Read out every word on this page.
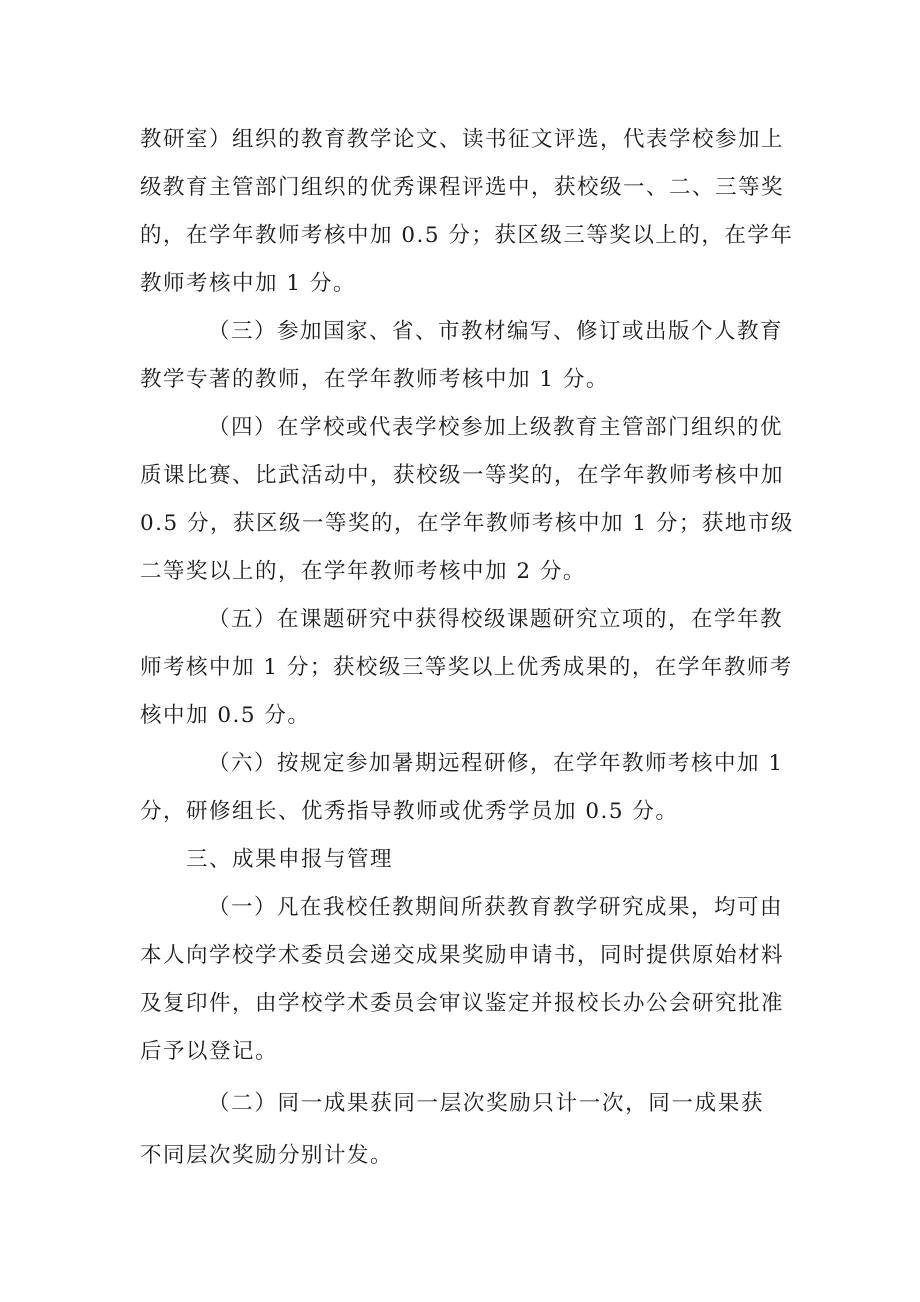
教研室）组织的教育教学论文、读书征文评选，代表学校参加上
级教育主管部门组织的优秀课程评选中，获校级一、二、三等奖
的，在学年教师考核中加 0.5 分；获区级三等奖以上的，在学年
教师考核中加 1 分。
（三）参加国家、省、市教材编写、修订或出版个人教育
教学专著的教师，在学年教师考核中加 1 分。
（四）在学校或代表学校参加上级教育主管部门组织的优
质课比赛、比武活动中，获校级一等奖的，在学年教师考核中加
0.5 分，获区级一等奖的，在学年教师考核中加 1 分；获地市级
二等奖以上的，在学年教师考核中加 2 分。
（五）在课题研究中获得校级课题研究立项的，在学年教
师考核中加 1 分；获校级三等奖以上优秀成果的，在学年教师考
核中加 0.5 分。
（六）按规定参加暑期远程研修，在学年教师考核中加 1
分，研修组长、优秀指导教师或优秀学员加 0.5 分。
三、成果申报与管理
（一）凡在我校任教期间所获教育教学研究成果，均可由
本人向学校学术委员会递交成果奖励申请书，同时提供原始材料
及复印件，由学校学术委员会审议鉴定并报校长办公会研究批准
后予以登记。
（二）同一成果获同一层次奖励只计一次，同一成果获
不同层次奖励分别计发。
